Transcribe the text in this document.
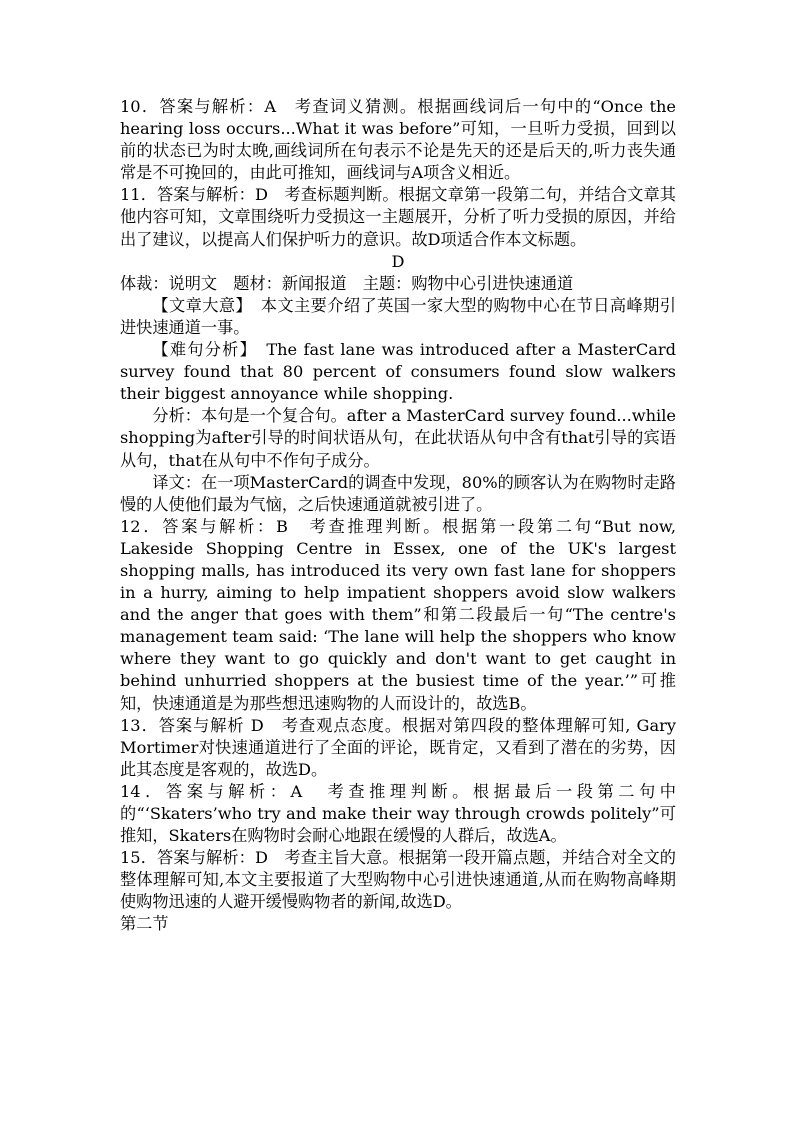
10．答案与解析：A　考查词义猜测。根据画线词后一句中的“Once the hearing loss occurs...What it was before”可知，一旦听力受损，回到以前的状态已为时太晚,画线词所在句表示不论是先天的还是后天的,听力丧失通常是不可挽回的，由此可推知，画线词与A项含义相近。

11．答案与解析：D　考查标题判断。根据文章第一段第二句，并结合文章其他内容可知，文章围绕听力受损这一主题展开，分析了听力受损的原因，并给出了建议，以提高人们保护听力的意识。故D项适合作本文标题。

D

体裁：说明文　题材：新闻报道　主题：购物中心引进快速通道

【文章大意】　本文主要介绍了英国一家大型的购物中心在节日高峰期引进快速通道一事。

【难句分析】　The fast lane was introduced after a MasterCard survey found that 80 percent of consumers found slow walkers their biggest annoyance while shopping.

分析：本句是一个复合句。after a MasterCard survey found...while shopping为after引导的时间状语从句，在此状语从句中含有that引导的宾语从句，that在从句中不作句子成分。

译文：在一项MasterCard的调查中发现，80%的顾客认为在购物时走路慢的人使他们最为气恼，之后快速通道就被引进了。

12．答案与解析：B　考查推理判断。根据第一段第二句“But now, Lakeside Shopping Centre in Essex, one of the UK's largest shopping malls, has introduced its very own fast lane for shoppers in a hurry, aiming to help impatient shoppers avoid slow walkers and the anger that goes with them”和第二段最后一句“The centre's management team said: ‘The lane will help the shoppers who know where they want to go quickly and don't want to get caught in behind unhurried shoppers at the busiest time of the year.’”可推知，快速通道是为那些想迅速购物的人而设计的，故选B。

13．答案与解析 D　考查观点态度。根据对第四段的整体理解可知, Gary Mortimer对快速通道进行了全面的评论，既肯定，又看到了潜在的劣势，因此其态度是客观的，故选D。

14．答案与解析：A　考查推理判断。根据最后一段第二句中的“‘Skaters’who try and make their way through crowds politely”可推知，Skaters在购物时会耐心地跟在缓慢的人群后，故选A。

15．答案与解析：D　考查主旨大意。根据第一段开篇点题，并结合对全文的整体理解可知,本文主要报道了大型购物中心引进快速通道,从而在购物高峰期使购物迅速的人避开缓慢购物者的新闻,故选D。

第二节
